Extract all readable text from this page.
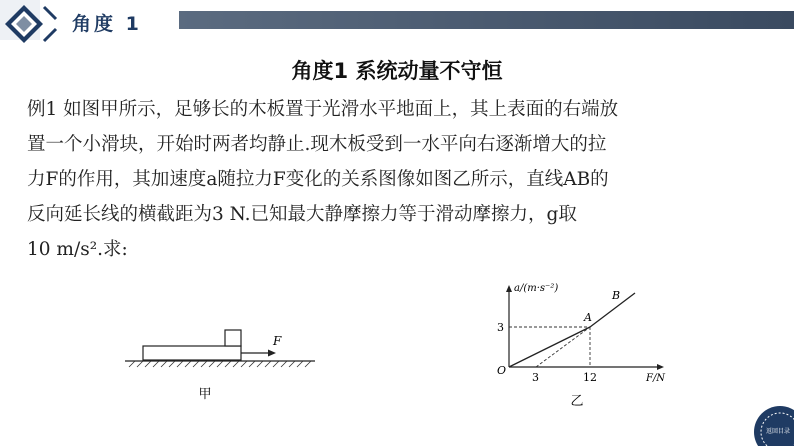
角度 1
角度1 系统动量不守恒
例1 如图甲所示，足够长的木板置于光滑水平地面上，其上表面的右端放
置一个小滑块，开始时两者均静止.现木板受到一水平向右逐渐增大的拉
力F的作用，其加速度a随拉力F变化的关系图像如图乙所示，直线AB的
反向延长线的横截距为3 N.已知最大静摩擦力等于滑动摩擦力，g取
10 m/s².求:
F
甲
a/(m·s⁻²)
F/N
O
3
3	12
A
B
乙
返回目录
